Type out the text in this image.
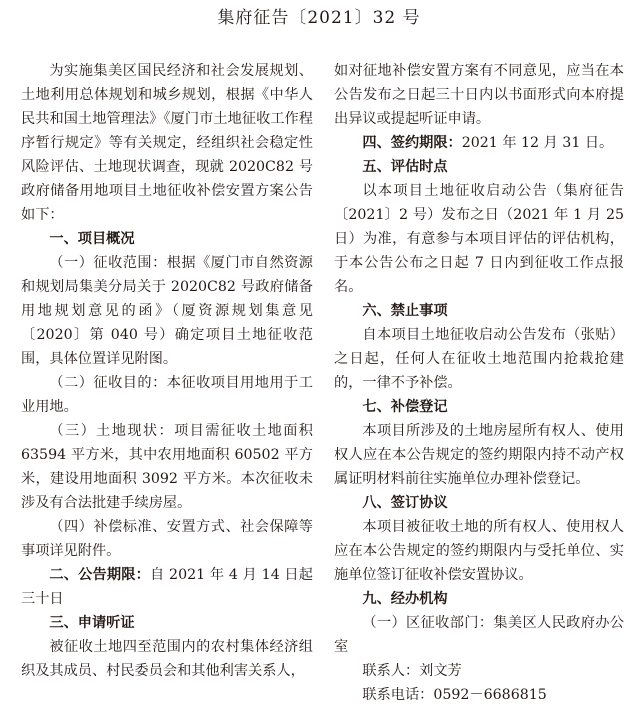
集府征告〔2021〕32 号

为实施集美区国民经济和社会发展规划、土地利用总体规划和城乡规划，根据《中华人民共和国土地管理法》《厦门市土地征收工作程序暂行规定》等有关规定，经组织社会稳定性风险评估、土地现状调查，现就 2020C82 号政府储备用地项目土地征收补偿安置方案公告如下：

一、项目概况

（一）征收范围：根据《厦门市自然资源和规划局集美分局关于 2020C82 号政府储备用地规划意见的函》（厦资源规划集意见〔2020〕第 040 号）确定项目土地征收范围，具体位置详见附图。

（二）征收目的：本征收项目用地用于工业用地。

（三）土地现状：项目需征收土地面积 63594 平方米，其中农用地面积 60502 平方米，建设用地面积 3092 平方米。本次征收未涉及有合法批建手续房屋。

（四）补偿标准、安置方式、社会保障等事项详见附件。

二、公告期限：自 2021 年 4 月 14 日起三十日

三、申请听证

被征收土地四至范围内的农村集体经济组织及其成员、村民委员会和其他利害关系人，

如对征地补偿安置方案有不同意见，应当在本公告发布之日起三十日内以书面形式向本府提出异议或提起听证申请。

四、签约期限：2021 年 12 月 31 日。

五、评估时点

以本项目土地征收启动公告（集府征告〔2021〕2 号）发布之日（2021 年 1 月 25 日）为准，有意参与本项目评估的评估机构，于本公告公布之日起 7 日内到征收工作点报名。

六、禁止事项

自本项目土地征收启动公告发布（张贴）之日起，任何人在征收土地范围内抢栽抢建的，一律不予补偿。

七、补偿登记

本项目所涉及的土地房屋所有权人、使用权人应在本公告规定的签约期限内持不动产权属证明材料前往实施单位办理补偿登记。

八、签订协议

本项目被征收土地的所有权人、使用权人应在本公告规定的签约期限内与受托单位、实施单位签订征收补偿安置协议。

九、经办机构

（一）区征收部门：集美区人民政府办公室

联系人：刘文芳

联系电话：0592－6686815
